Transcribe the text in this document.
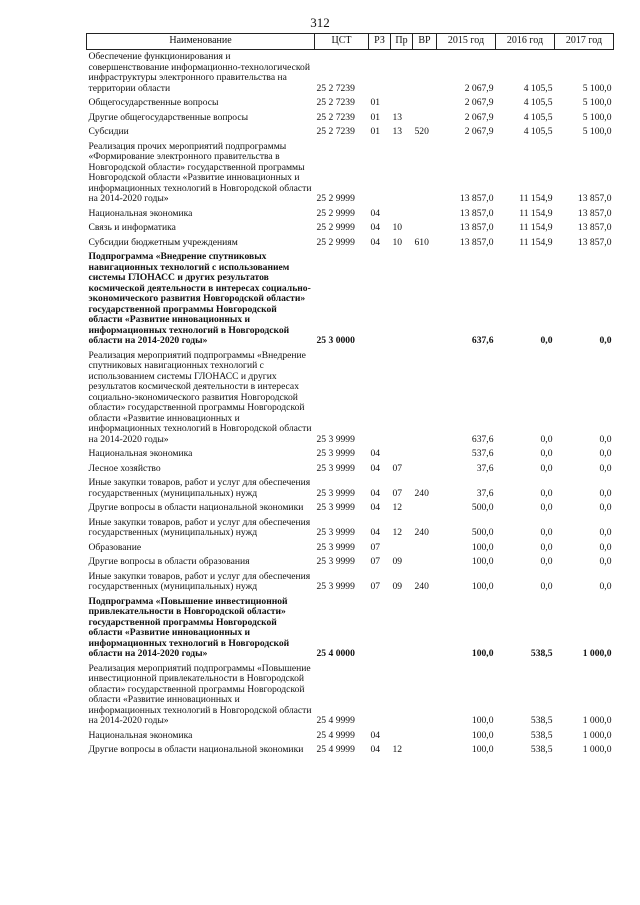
312
Наименование	ЦСТ	РЗ	Пр	ВР	2015 год	2016 год	2017 год
Обеспечение функционирования и совершенствование информационно-технологической инфраструктуры электронного правительства на территории области	25 2 7239				2 067,9	4 105,5	5 100,0
Общегосударственные вопросы	25 2 7239	01			2 067,9	4 105,5	5 100,0
Другие общегосударственные вопросы	25 2 7239	01	13		2 067,9	4 105,5	5 100,0
Субсидии	25 2 7239	01	13	520	2 067,9	4 105,5	5 100,0
Реализация прочих мероприятий подпрограммы «Формирование электронного правительства в Новгородской области» государственной программы Новгородской области «Развитие инновационных и информационных технологий в Новгородской области на 2014-2020 годы»	25 2 9999				13 857,0	11 154,9	13 857,0
Национальная экономика	25 2 9999	04			13 857,0	11 154,9	13 857,0
Связь и информатика	25 2 9999	04	10		13 857,0	11 154,9	13 857,0
Субсидии бюджетным учреждениям	25 2 9999	04	10	610	13 857,0	11 154,9	13 857,0
Подпрограмма «Внедрение спутниковых навигационных технологий с использованием системы ГЛОНАСС и других результатов космической деятельности в интересах социально-экономического развития Новгородской области» государственной программы Новгородской области «Развитие инновационных и информационных технологий в Новгородской области на 2014-2020 годы»	25 3 0000				637,6	0,0	0,0
Реализация мероприятий подпрограммы «Внедрение спутниковых навигационных технологий с использованием системы ГЛОНАСС и других результатов космической деятельности в интересах социально-экономического развития Новгородской области» государственной программы Новгородской области «Развитие инновационных и информационных технологий в Новгородской области на 2014-2020 годы»	25 3 9999				637,6	0,0	0,0
Национальная экономика	25 3 9999	04			537,6	0,0	0,0
Лесное хозяйство	25 3 9999	04	07		37,6	0,0	0,0
Иные закупки товаров, работ и услуг для обеспечения государственных (муниципальных) нужд	25 3 9999	04	07	240	37,6	0,0	0,0
Другие вопросы в области национальной экономики	25 3 9999	04	12		500,0	0,0	0,0
Иные закупки товаров, работ и услуг для обеспечения государственных (муниципальных) нужд	25 3 9999	04	12	240	500,0	0,0	0,0
Образование	25 3 9999	07			100,0	0,0	0,0
Другие вопросы в области образования	25 3 9999	07	09		100,0	0,0	0,0
Иные закупки товаров, работ и услуг для обеспечения государственных (муниципальных) нужд	25 3 9999	07	09	240	100,0	0,0	0,0
Подпрограмма «Повышение инвестиционной привлекательности в Новгородской области» государственной программы Новгородской области «Развитие инновационных и информационных технологий в Новгородской области на 2014-2020 годы»	25 4 0000				100,0	538,5	1 000,0
Реализация мероприятий подпрограммы «Повышение инвестиционной привлекательности в Новгородской области» государственной программы Новгородской области «Развитие инновационных и информационных технологий в Новгородской области на 2014-2020 годы»	25 4 9999				100,0	538,5	1 000,0
Национальная экономика	25 4 9999	04			100,0	538,5	1 000,0
Другие вопросы в области национальной экономики	25 4 9999	04	12		100,0	538,5	1 000,0
